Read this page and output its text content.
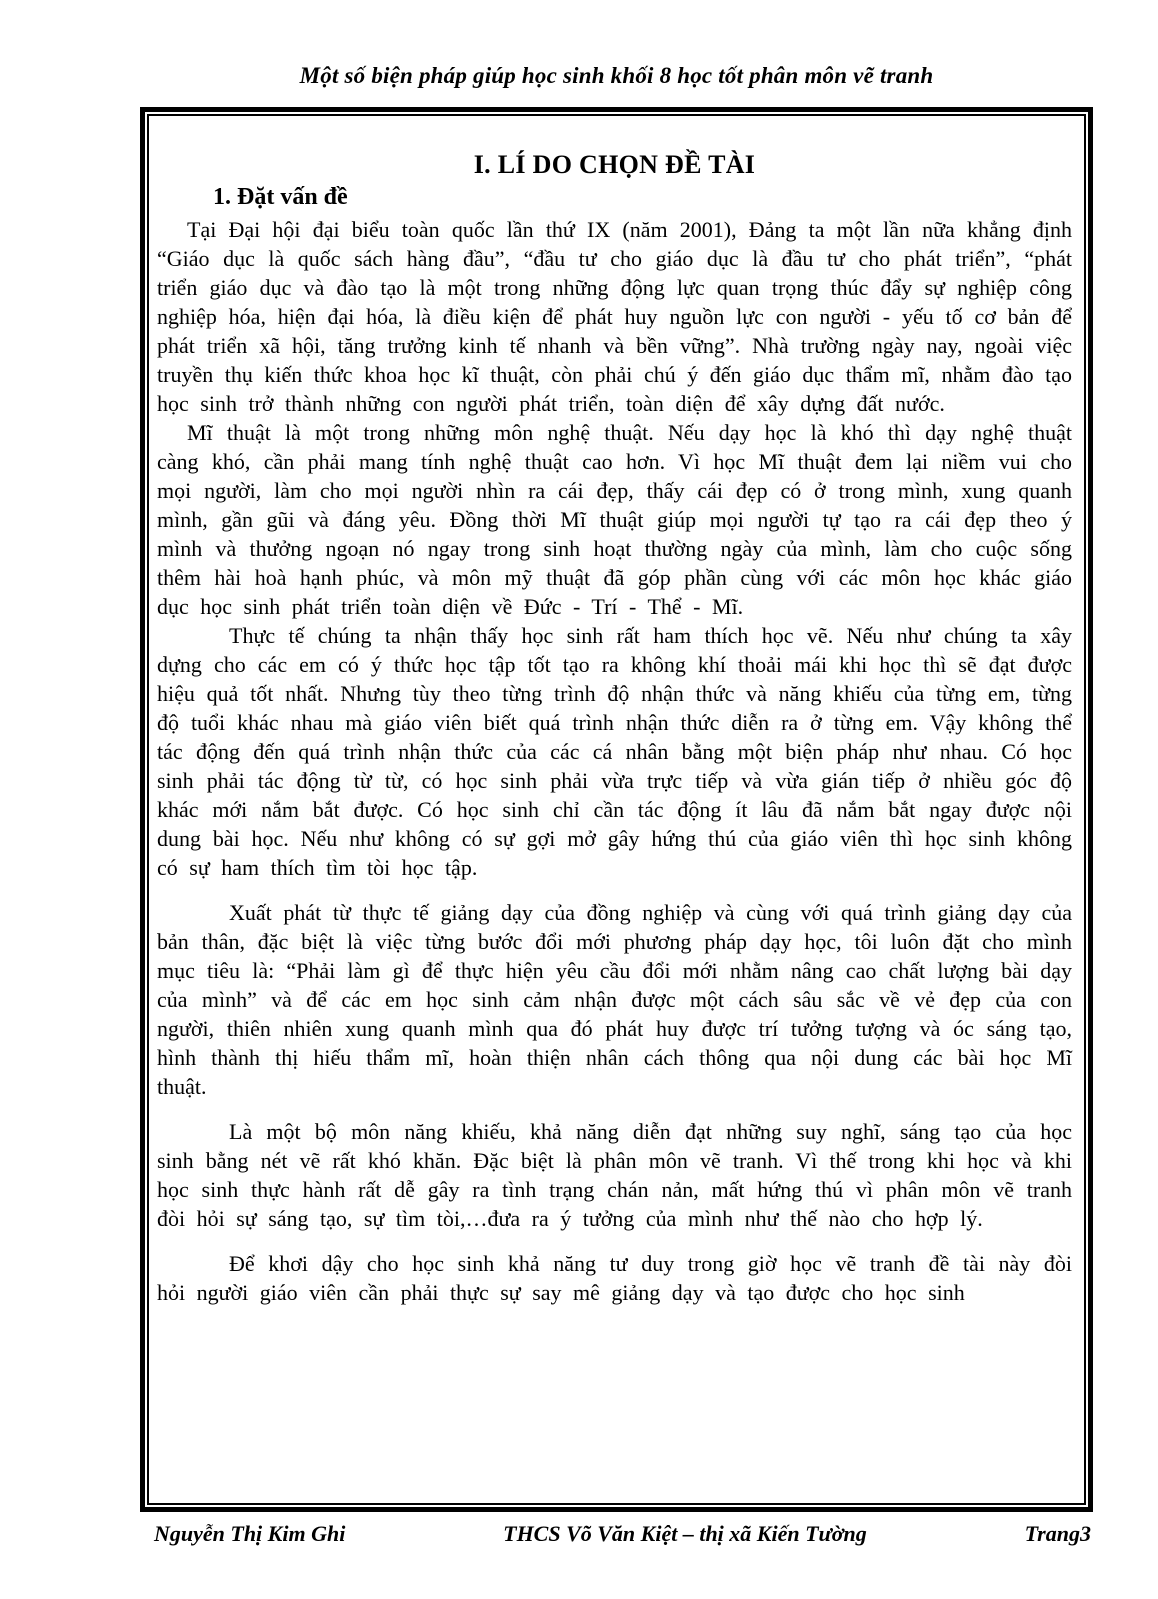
Một số biện pháp giúp học sinh khối 8 học tốt phân môn vẽ tranh
I. LÍ DO CHỌN ĐỀ TÀI
1. Đặt vấn đề

Tại Đại hội đại biểu toàn quốc lần thứ IX (năm 2001), Đảng ta một lần nữa khẳng định “Giáo dục là quốc sách hàng đầu”, “đầu tư cho giáo dục là đầu tư cho phát triển”, “phát triển giáo dục và đào tạo là một trong những động lực quan trọng thúc đẩy sự nghiệp công nghiệp hóa, hiện đại hóa, là điều kiện để phát huy nguồn lực con người - yếu tố cơ bản để phát triển xã hội, tăng trưởng kinh tế nhanh và bền vững”. Nhà trường ngày nay, ngoài việc truyền thụ kiến thức khoa học kĩ thuật, còn phải chú ý đến giáo dục thẩm mĩ, nhằm đào tạo học sinh trở thành những con người phát triển, toàn diện để xây dựng đất nước.

Mĩ thuật là một trong những môn nghệ thuật. Nếu dạy học là khó thì dạy nghệ thuật càng khó, cần phải mang tính nghệ thuật cao hơn. Vì học Mĩ thuật đem lại niềm vui cho mọi người, làm cho mọi người nhìn ra cái đẹp, thấy cái đẹp có ở trong mình, xung quanh mình, gần gũi và đáng yêu. Đồng thời Mĩ thuật giúp mọi người tự tạo ra cái đẹp theo ý mình và thưởng ngoạn nó ngay trong sinh hoạt thường ngày của mình, làm cho cuộc sống thêm hài hoà hạnh phúc, và môn mỹ thuật đã góp phần cùng với các môn học khác giáo dục học sinh phát triển toàn diện về Đức - Trí - Thể - Mĩ.

Thực tế chúng ta nhận thấy học sinh rất ham thích học vẽ. Nếu như chúng ta xây dựng cho các em có ý thức học tập tốt tạo ra không khí thoải mái khi học thì sẽ đạt được hiệu quả tốt nhất. Nhưng tùy theo từng trình độ nhận thức và năng khiếu của từng em, từng độ tuổi khác nhau mà giáo viên biết quá trình nhận thức diễn ra ở từng em. Vậy không thể tác động đến quá trình nhận thức của các cá nhân bằng một biện pháp như nhau. Có học sinh phải tác động từ từ, có học sinh phải vừa trực tiếp và vừa gián tiếp ở nhiều góc độ khác mới nắm bắt được. Có học sinh chỉ cần tác động ít lâu đã nắm bắt ngay được nội dung bài học. Nếu như không có sự gợi mở gây hứng thú của giáo viên thì học sinh không có sự ham thích tìm tòi học tập.

Xuất phát từ thực tế giảng dạy của đồng nghiệp và cùng với quá trình giảng dạy của bản thân, đặc biệt là việc từng bước đổi mới phương pháp dạy học, tôi luôn đặt cho mình mục tiêu là: “Phải làm gì để thực hiện yêu cầu đổi mới nhằm nâng cao chất lượng bài dạy của mình” và để các em học sinh cảm nhận được một cách sâu sắc về vẻ đẹp của con người, thiên nhiên xung quanh mình qua đó phát huy được trí tưởng tượng và óc sáng tạo, hình thành thị hiếu thẩm mĩ, hoàn thiện nhân cách thông qua nội dung các bài học Mĩ thuật.

Là một bộ môn năng khiếu, khả năng diễn đạt những suy nghĩ, sáng tạo của học sinh bằng nét vẽ rất khó khăn. Đặc biệt là phân môn vẽ tranh. Vì thế trong khi học và khi học sinh thực hành rất dễ gây ra tình trạng chán nản, mất hứng thú vì phân môn vẽ tranh đòi hỏi sự sáng tạo, sự tìm tòi,…đưa ra ý tưởng của mình như thế nào cho hợp lý.

Để khơi dậy cho học sinh khả năng tư duy trong giờ học vẽ tranh đề tài này đòi hỏi người giáo viên cần phải thực sự say mê giảng dạy và tạo được cho học sinh

Nguyễn Thị Kim Ghi	THCS Võ Văn Kiệt – thị xã Kiến Tường	Trang3
